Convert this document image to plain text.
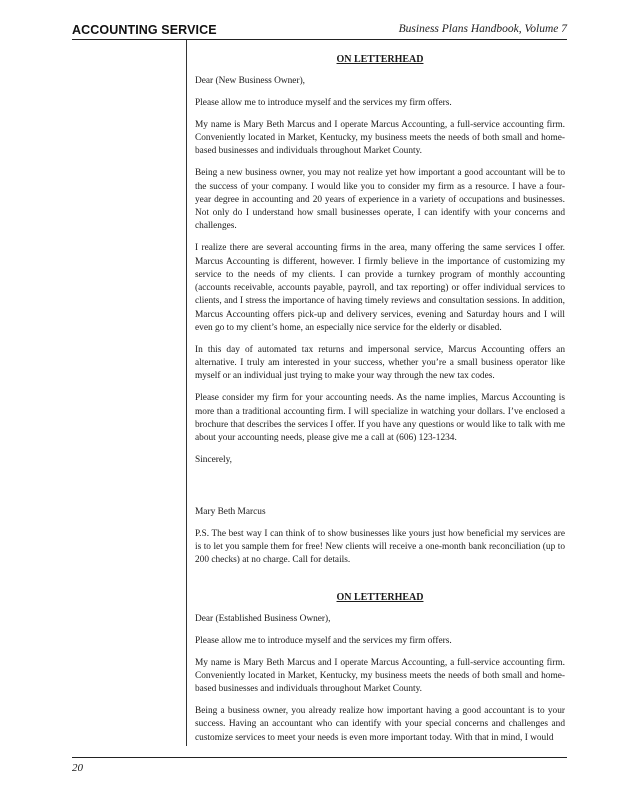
ACCOUNTING SERVICE	Business Plans Handbook, Volume 7
ON LETTERHEAD

Dear (New Business Owner),

Please allow me to introduce myself and the services my firm offers.

My name is Mary Beth Marcus and I operate Marcus Accounting, a full-service accounting firm. Conveniently located in Market, Kentucky, my business meets the needs of both small and home-based businesses and individuals throughout Market County.

Being a new business owner, you may not realize yet how important a good accountant will be to the success of your company. I would like you to consider my firm as a resource. I have a four-year degree in accounting and 20 years of experience in a variety of occupations and businesses. Not only do I understand how small businesses operate, I can identify with your concerns and challenges.

I realize there are several accounting firms in the area, many offering the same services I offer. Marcus Accounting is different, however. I firmly believe in the importance of customizing my service to the needs of my clients. I can provide a turnkey program of monthly accounting (accounts receivable, accounts payable, payroll, and tax reporting) or offer individual services to clients, and I stress the importance of having timely reviews and consultation sessions. In addition, Marcus Accounting offers pick-up and delivery services, evening and Saturday hours and I will even go to my client’s home, an especially nice service for the elderly or disabled.

In this day of automated tax returns and impersonal service, Marcus Accounting offers an alternative. I truly am interested in your success, whether you’re a small business operator like myself or an individual just trying to make your way through the new tax codes.

Please consider my firm for your accounting needs. As the name implies, Marcus Accounting is more than a traditional accounting firm. I will specialize in watching your dollars. I’ve enclosed a brochure that describes the services I offer. If you have any questions or would like to talk with me about your accounting needs, please give me a call at (606) 123-1234.

Sincerely,

Mary Beth Marcus

P.S. The best way I can think of to show businesses like yours just how beneficial my services are is to let you sample them for free! New clients will receive a one-month bank reconciliation (up to 200 checks) at no charge. Call for details.

ON LETTERHEAD

Dear (Established Business Owner),

Please allow me to introduce myself and the services my firm offers.

My name is Mary Beth Marcus and I operate Marcus Accounting, a full-service accounting firm. Conveniently located in Market, Kentucky, my business meets the needs of both small and home-based businesses and individuals throughout Market County.

Being a business owner, you already realize how important having a good accountant is to your success. Having an accountant who can identify with your special concerns and challenges and customize services to meet your needs is even more important today. With that in mind, I would

20
